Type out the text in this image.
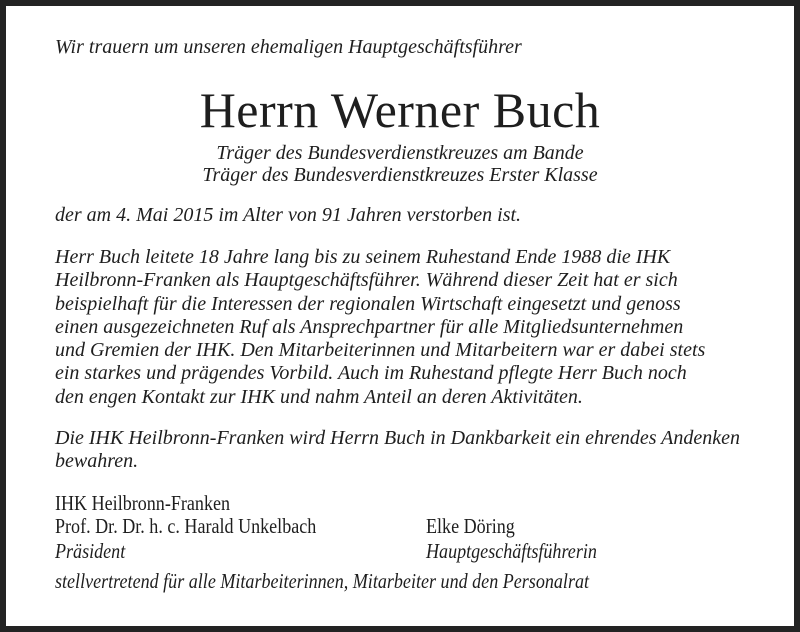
Wir trauern um unseren ehemaligen Hauptgeschäftsführer
Herrn Werner Buch
Träger des Bundesverdienstkreuzes am Bande
Träger des Bundesverdienstkreuzes Erster Klasse
der am 4. Mai 2015 im Alter von 91 Jahren verstorben ist.
Herr Buch leitete 18 Jahre lang bis zu seinem Ruhestand Ende 1988 die IHK
Heilbronn-Franken als Hauptgeschäftsführer. Während dieser Zeit hat er sich
beispielhaft für die Interessen der regionalen Wirtschaft eingesetzt und genoss
einen ausgezeichneten Ruf als Ansprechpartner für alle Mitgliedsunternehmen
und Gremien der IHK. Den Mitarbeiterinnen und Mitarbeitern war er dabei stets
ein starkes und prägendes Vorbild. Auch im Ruhestand pflegte Herr Buch noch
den engen Kontakt zur IHK und nahm Anteil an deren Aktivitäten.
Die IHK Heilbronn-Franken wird Herrn Buch in Dankbarkeit ein ehrendes Andenken
bewahren.
IHK Heilbronn-Franken
Prof. Dr. Dr. h. c. Harald Unkelbach	Elke Döring
Präsident	Hauptgeschäftsführerin
stellvertretend für alle Mitarbeiterinnen, Mitarbeiter und den Personalrat
